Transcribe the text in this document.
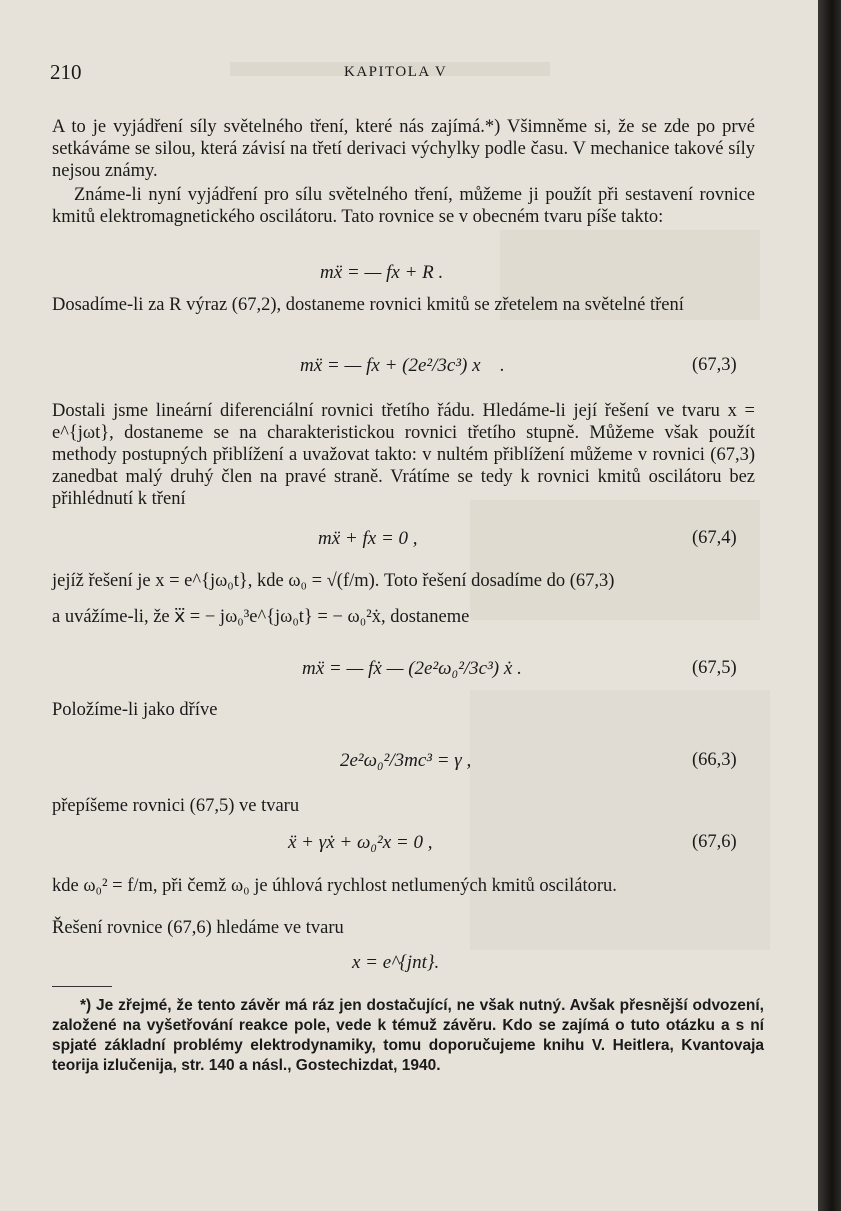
210	KAPITOLA V
A to je vyjádření síly světelného tření, které nás zajímá.*) Všimněme si, že se zde po prvé setkáváme se silou, která závisí na třetí derivaci výchylky podle času. V mechanice takové síly nejsou známy.
Známe-li nyní vyjádření pro sílu světelného tření, můžeme ji použít při sestavení rovnice kmitů elektromagnetického oscilátoru. Tato rovnice se v obecném tvaru píše takto:
mẍ = — fx + R .
Dosadíme-li za R výraz (67,2), dostaneme rovnici kmitů se zřetelem na světelné tření
mẍ = — fx + (2e²/3c³) x⃛ .	(67,3)
Dostali jsme lineární diferenciální rovnici třetího řádu. Hledáme-li její řešení ve tvaru x = e^{jωt}, dostaneme se na charakteristickou rovnici třetího stupně. Můžeme však použít methody postupných přiblížení a uvažovat takto: v nultém přiblížení můžeme v rovnici (67,3) zanedbat malý druhý člen na pravé straně. Vrátíme se tedy k rovnici kmitů oscilátoru bez přihlédnutí k tření
mẍ + fx = 0 ,	(67,4)
jejíž řešení je x = e^{jω₀t}, kde ω₀ = √(f/m). Toto řešení dosadíme do (67,3)
a uvážíme-li, že x⃛ = − jω₀³e^{jω₀t} = − ω₀²ẋ, dostaneme
mẍ = — fẋ — (2e²ω₀²/3c³) ẋ .	(67,5)
Položíme-li jako dříve
2e²ω₀²/3mc³ = γ ,	(66,3)
přepíšeme rovnici (67,5) ve tvaru
ẍ + γẋ + ω₀²x = 0 ,	(67,6)
kde ω₀² = f/m, při čemž ω₀ je úhlová rychlost netlumených kmitů oscilátoru.
Řešení rovnice (67,6) hledáme ve tvaru
x = e^{jnt}.
*) Je zřejmé, že tento závěr má ráz jen dostačující, ne však nutný. Avšak přesnější odvození, založené na vyšetřování reakce pole, vede k témuž závěru. Kdo se zajímá o tuto otázku a s ní spjaté základní problémy elektrodynamiky, tomu doporučujeme knihu V. Heitlera, Kvantovaja teorija izlučenija, str. 140 a násl., Gostechizdat, 1940.
